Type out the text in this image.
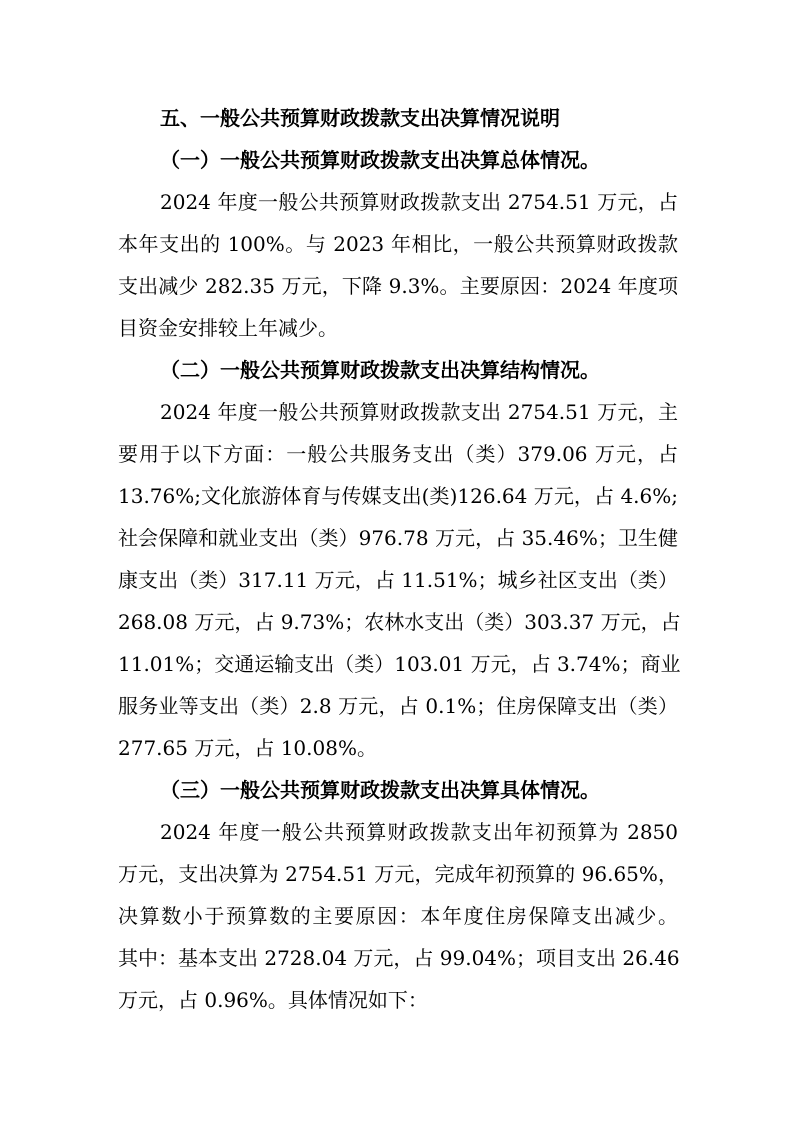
五、一般公共预算财政拨款支出决算情况说明
（一）一般公共预算财政拨款支出决算总体情况。
2024 年度一般公共预算财政拨款支出 2754.51 万元，占
本年支出的 100%。与 2023 年相比，一般公共预算财政拨款
支出减少 282.35 万元，下降 9.3%。主要原因：2024 年度项
目资金安排较上年减少。
（二）一般公共预算财政拨款支出决算结构情况。
2024 年度一般公共预算财政拨款支出 2754.51 万元，主
要用于以下方面：一般公共服务支出（类）379.06 万元，占
13.76%;文化旅游体育与传媒支出(类)126.64 万元，占 4.6%;
社会保障和就业支出（类）976.78 万元，占 35.46%；卫生健
康支出（类）317.11 万元，占 11.51%；城乡社区支出（类）
268.08 万元，占 9.73%；农林水支出（类）303.37 万元，占
11.01%；交通运输支出（类）103.01 万元，占 3.74%；商业
服务业等支出（类）2.8 万元，占 0.1%；住房保障支出（类）
277.65 万元，占 10.08%。
（三）一般公共预算财政拨款支出决算具体情况。
2024 年度一般公共预算财政拨款支出年初预算为 2850
万元，支出决算为 2754.51 万元，完成年初预算的 96.65%，
决算数小于预算数的主要原因：本年度住房保障支出减少。
其中：基本支出 2728.04 万元，占 99.04%；项目支出 26.46
万元，占 0.96%。具体情况如下：
